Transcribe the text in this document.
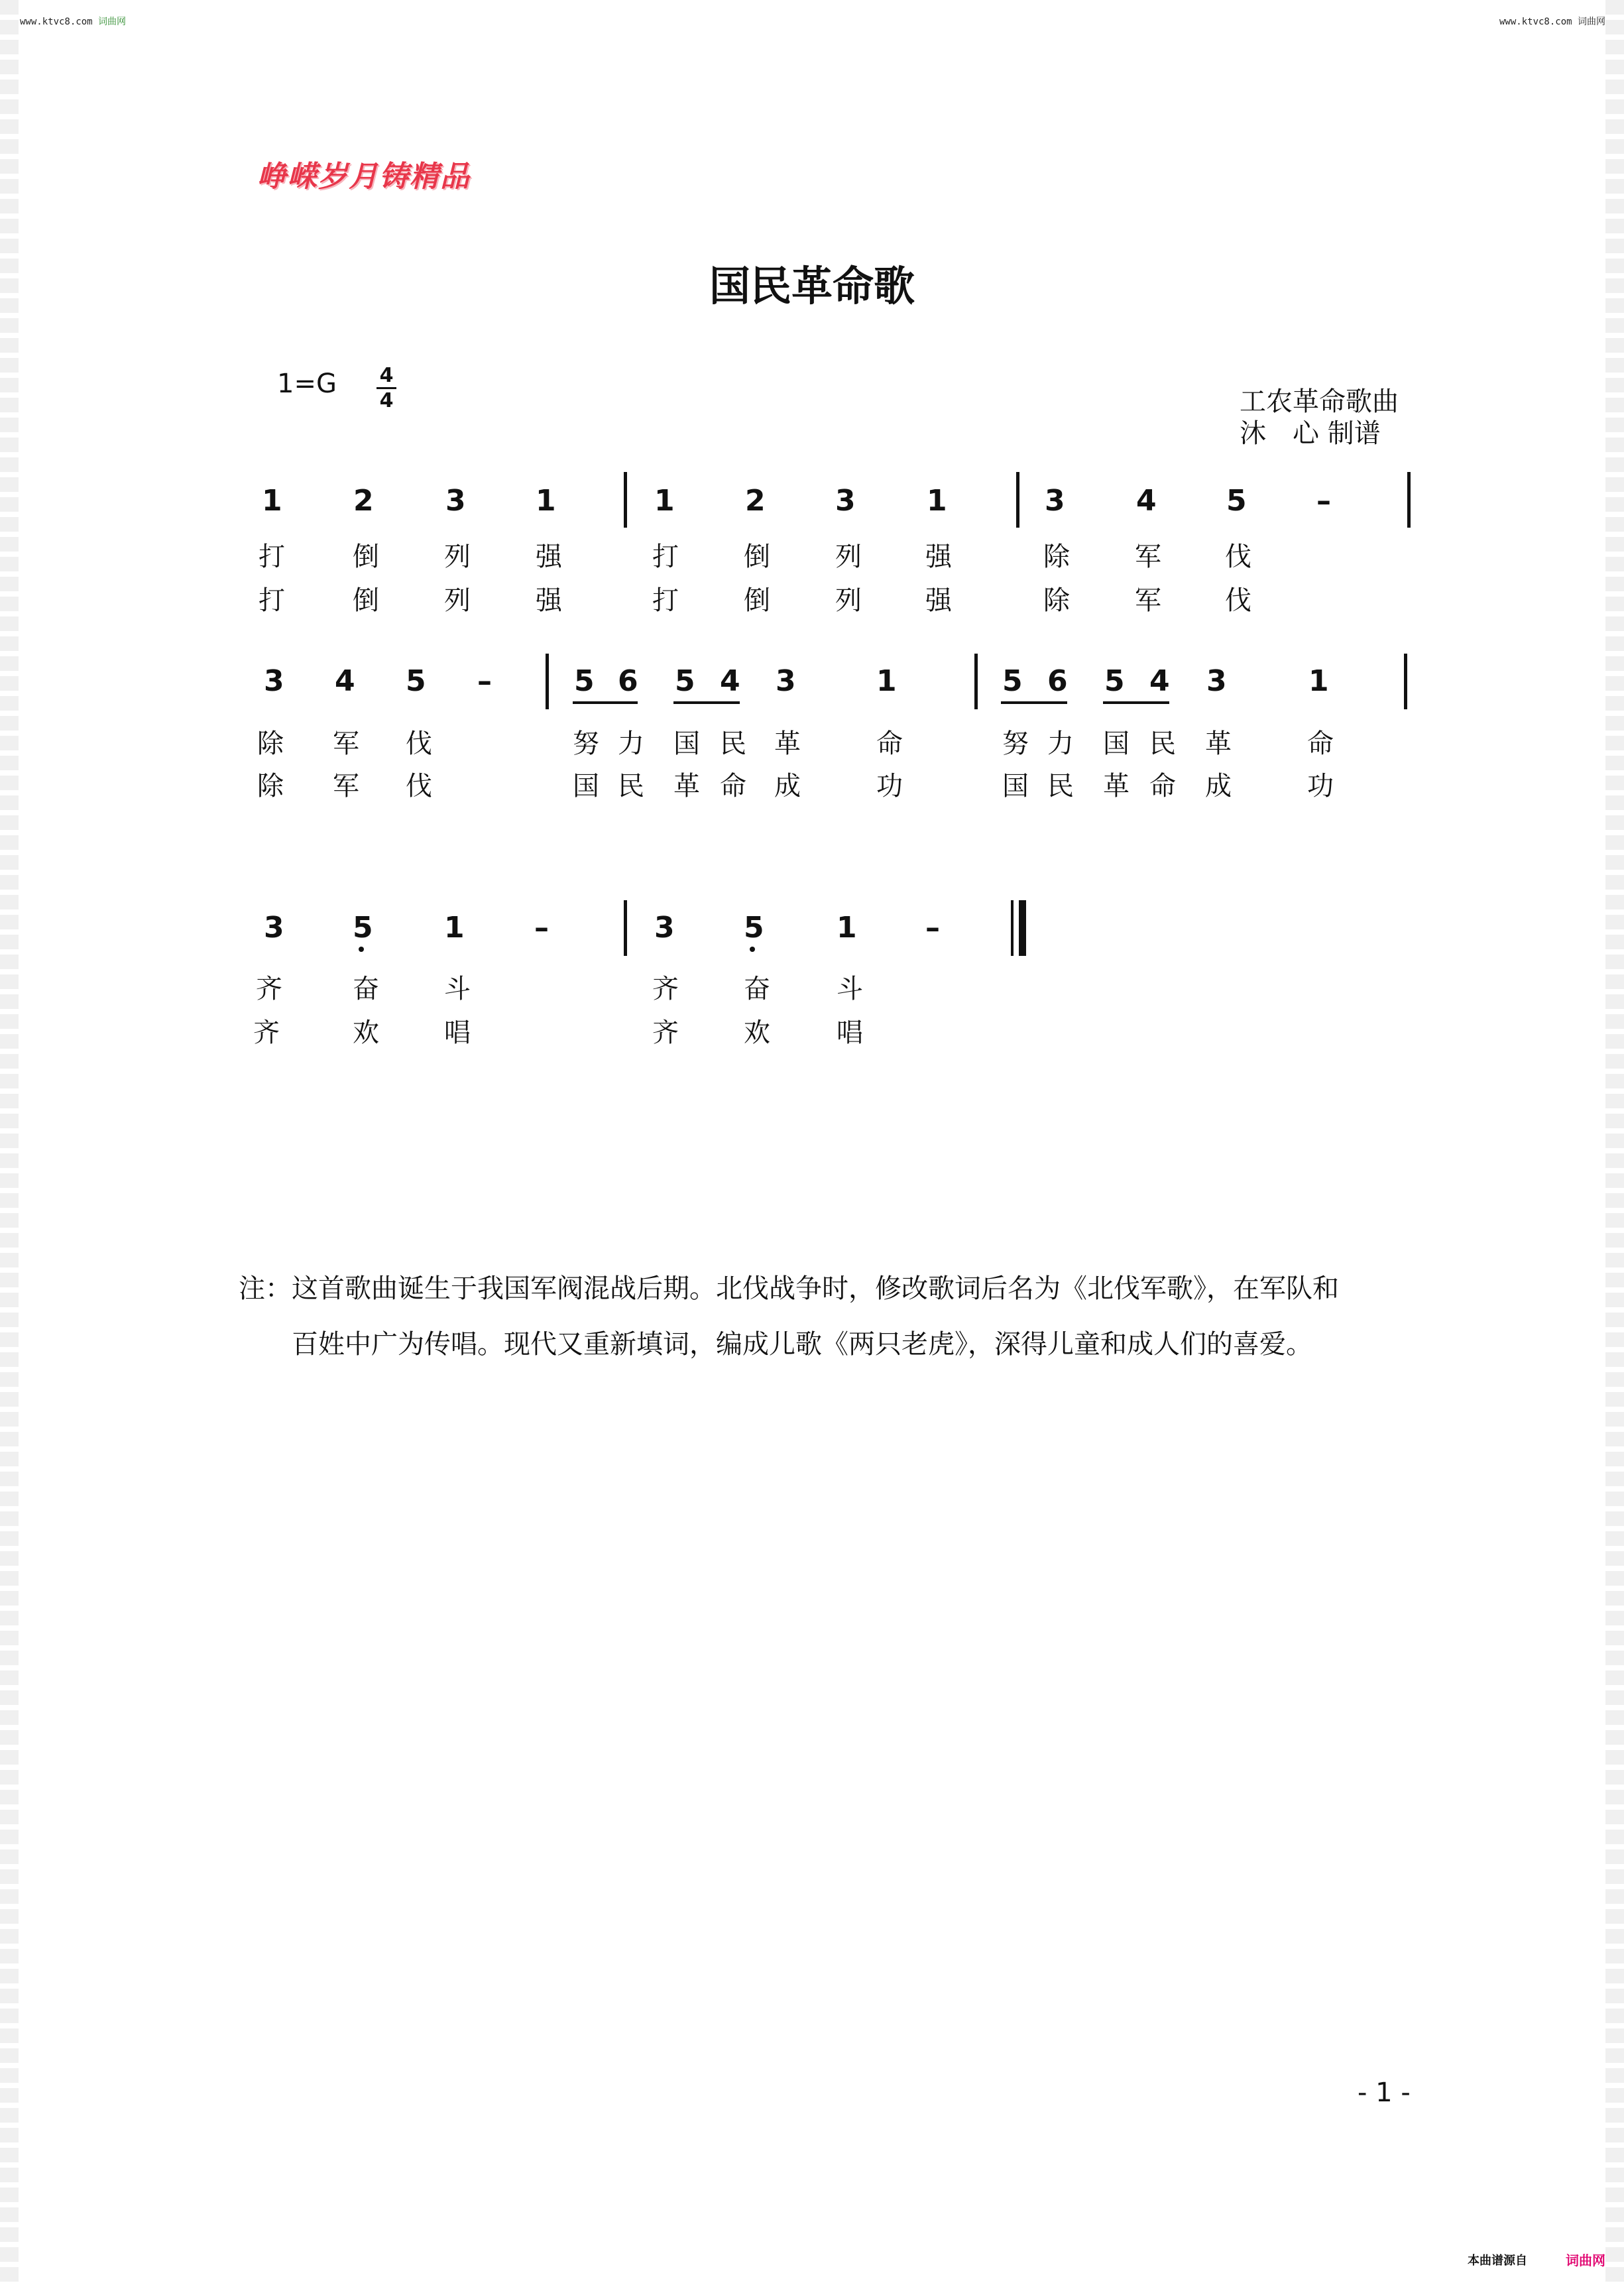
www.ktvc8.com 词曲网	www.ktvc8.com 词曲网
峥嵘岁月铸精品
国民革命歌
1=G 4
4	工农革命歌曲
沐　心 制谱
1 2 3 1	1 2 3 1	3 4 5 –
打	倒 列 强	打 倒 列 强	除 军 伐
打	倒 列 强	打 倒 列 强	除 军 伐
3 4 5 –	5 6 5 4 3	1	5 6 5 4 3	1
除 军 伐	努 力 国 民 革	命	努 力 国 民 革	命
除 军 伐	国 民 革 命 成	功	国 民 革 命 成	功
3 5 1 –	3 5 1 –
齐	奋 斗	齐 奋	斗
齐	欢 唱	齐 欢	唱
注：这首歌曲诞生于我国军阀混战后期。北伐战争时，修改歌词后名为《北伐军歌》，在军队和
百姓中广为传唱。现代又重新填词，编成儿歌《两只老虎》，深得儿童和成人们的喜爱。
- 1 -
本曲谱源自	词曲网
